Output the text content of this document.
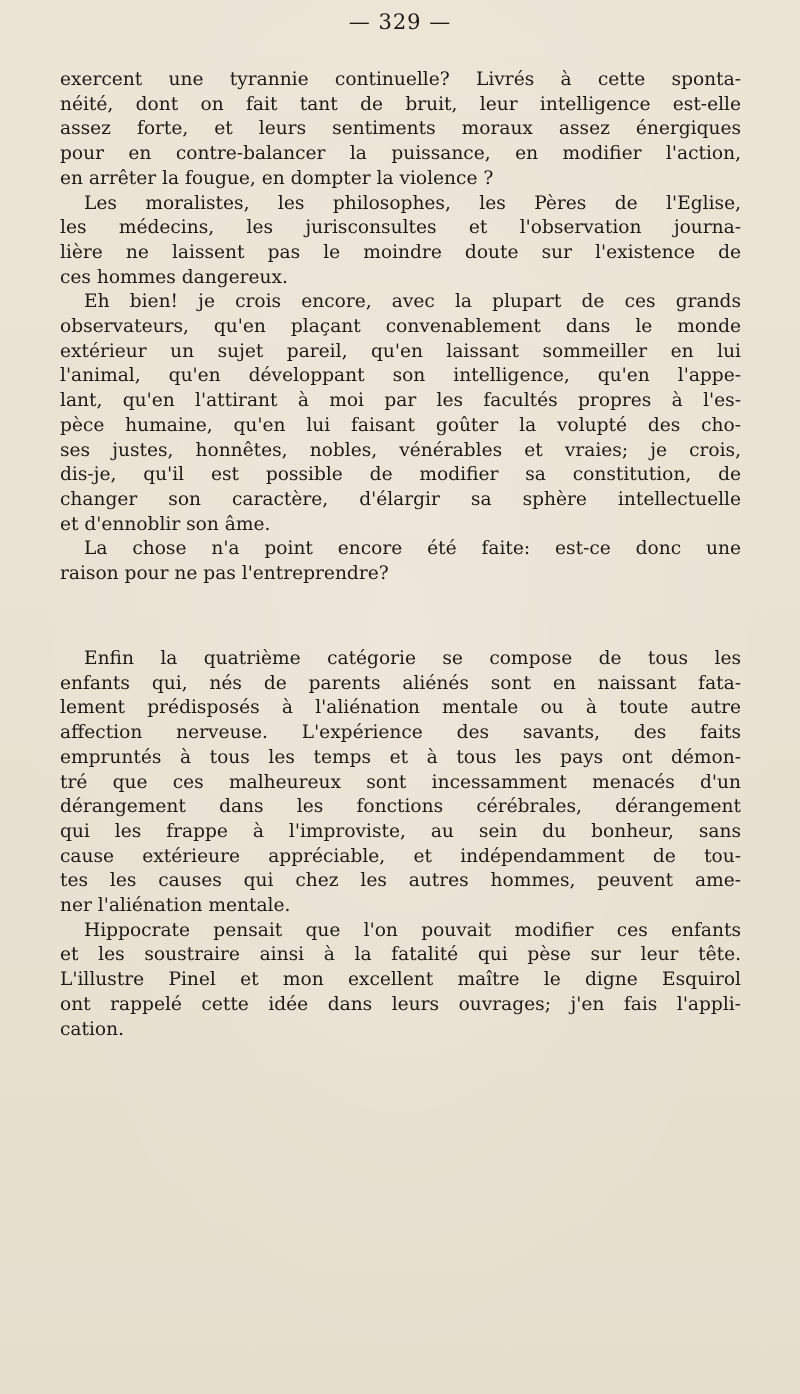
— 329 —

exercent une tyrannie continuelle? Livrés à cette sponta-
néité, dont on fait tant de bruit, leur intelligence est-elle
assez forte, et leurs sentiments moraux assez énergiques
pour en contre-balancer la puissance, en modifier l'action,
en arrêter la fougue, en dompter la violence ?

Les moralistes, les philosophes, les Pères de l'Eglise,
les médecins, les jurisconsultes et l'observation journa-
lière ne laissent pas le moindre doute sur l'existence de
ces hommes dangereux.

Eh bien! je crois encore, avec la plupart de ces grands
observateurs, qu'en plaçant convenablement dans le monde
extérieur un sujet pareil, qu'en laissant sommeiller en lui
l'animal, qu'en développant son intelligence, qu'en l'appe-
lant, qu'en l'attirant à moi par les facultés propres à l'es-
pèce humaine, qu'en lui faisant goûter la volupté des cho-
ses justes, honnêtes, nobles, vénérables et vraies; je crois,
dis-je, qu'il est possible de modifier sa constitution, de
changer son caractère, d'élargir sa sphère intellectuelle
et d'ennoblir son âme.

La chose n'a point encore été faite: est-ce donc une
raison pour ne pas l'entreprendre?

Enfin la quatrième catégorie se compose de tous les
enfants qui, nés de parents aliénés sont en naissant fata-
lement prédisposés à l'aliénation mentale ou à toute autre
affection nerveuse. L'expérience des savants, des faits
empruntés à tous les temps et à tous les pays ont démon-
tré que ces malheureux sont incessamment menacés d'un
dérangement dans les fonctions cérébrales, dérangement
qui les frappe à l'improviste, au sein du bonheur, sans
cause extérieure appréciable, et indépendamment de tou-
tes les causes qui chez les autres hommes, peuvent ame-
ner l'aliénation mentale.

Hippocrate pensait que l'on pouvait modifier ces enfants
et les soustraire ainsi à la fatalité qui pèse sur leur tête.
L'illustre Pinel et mon excellent maître le digne Esquirol
ont rappelé cette idée dans leurs ouvrages; j'en fais l'appli-
cation.
